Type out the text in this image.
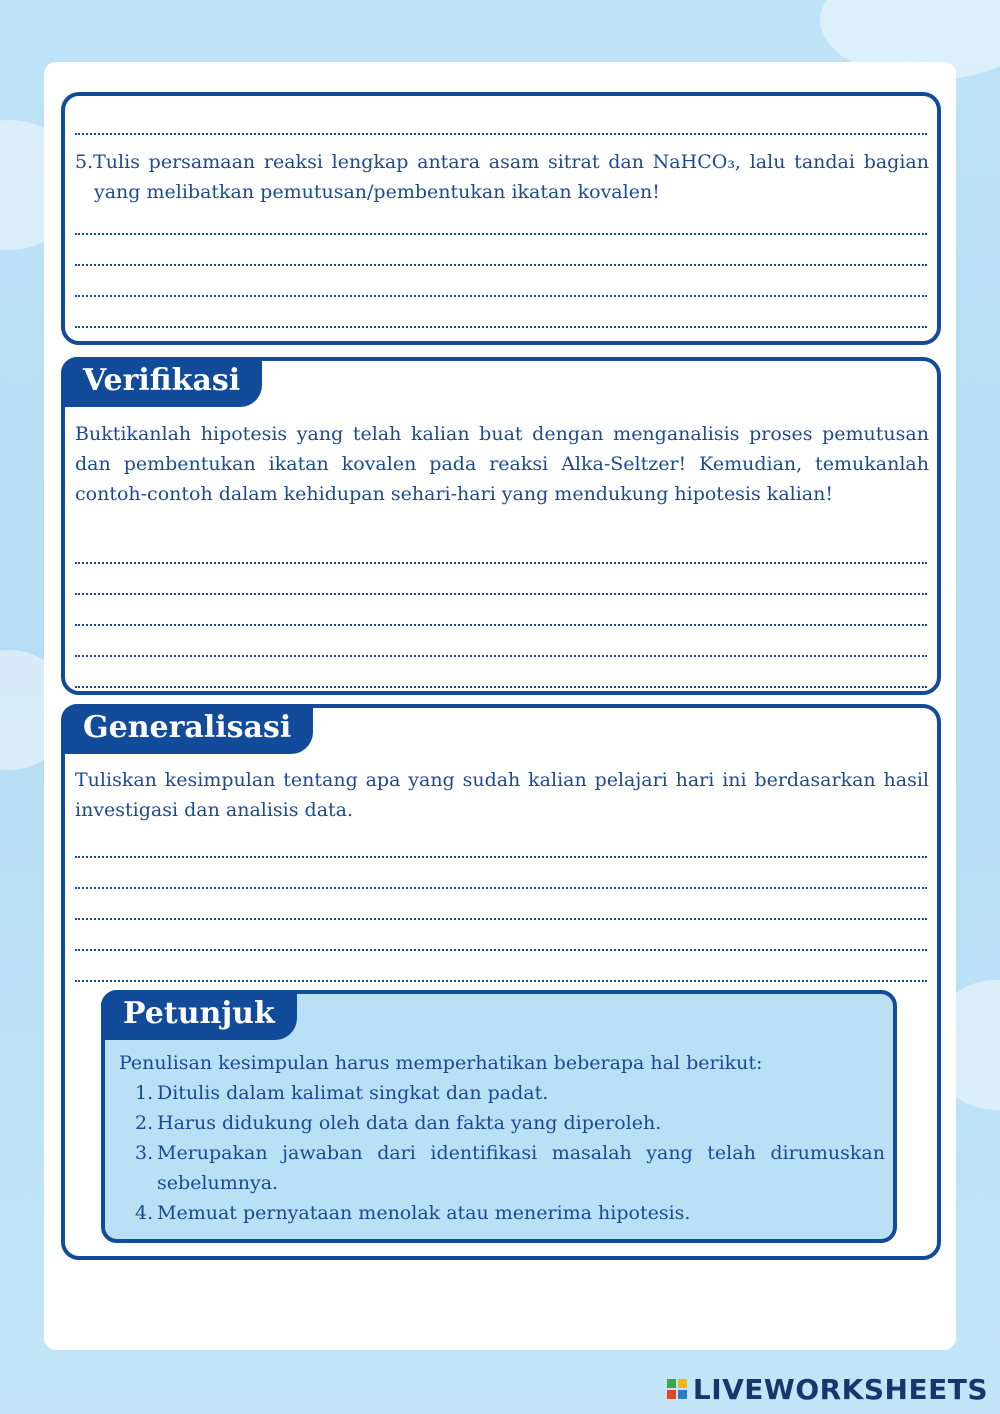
5.Tulis persamaan reaksi lengkap antara asam sitrat dan NaHCO₃, lalu tandai bagian yang melibatkan pemutusan/pembentukan ikatan kovalen!
Verifikasi
Buktikanlah hipotesis yang telah kalian buat dengan menganalisis proses pemutusan dan pembentukan ikatan kovalen pada reaksi Alka-Seltzer! Kemudian, temukanlah contoh-contoh dalam kehidupan sehari-hari yang mendukung hipotesis kalian!
Generalisasi
Tuliskan kesimpulan tentang apa yang sudah kalian pelajari hari ini berdasarkan hasil investigasi dan analisis data.
Petunjuk
Penulisan kesimpulan harus memperhatikan beberapa hal berikut:
1. Ditulis dalam kalimat singkat dan padat.
2. Harus didukung oleh data dan fakta yang diperoleh.
3. Merupakan jawaban dari identifikasi masalah yang telah dirumuskan sebelumnya.
4. Memuat pernyataan menolak atau menerima hipotesis.
LIVEWORKSHEETS
